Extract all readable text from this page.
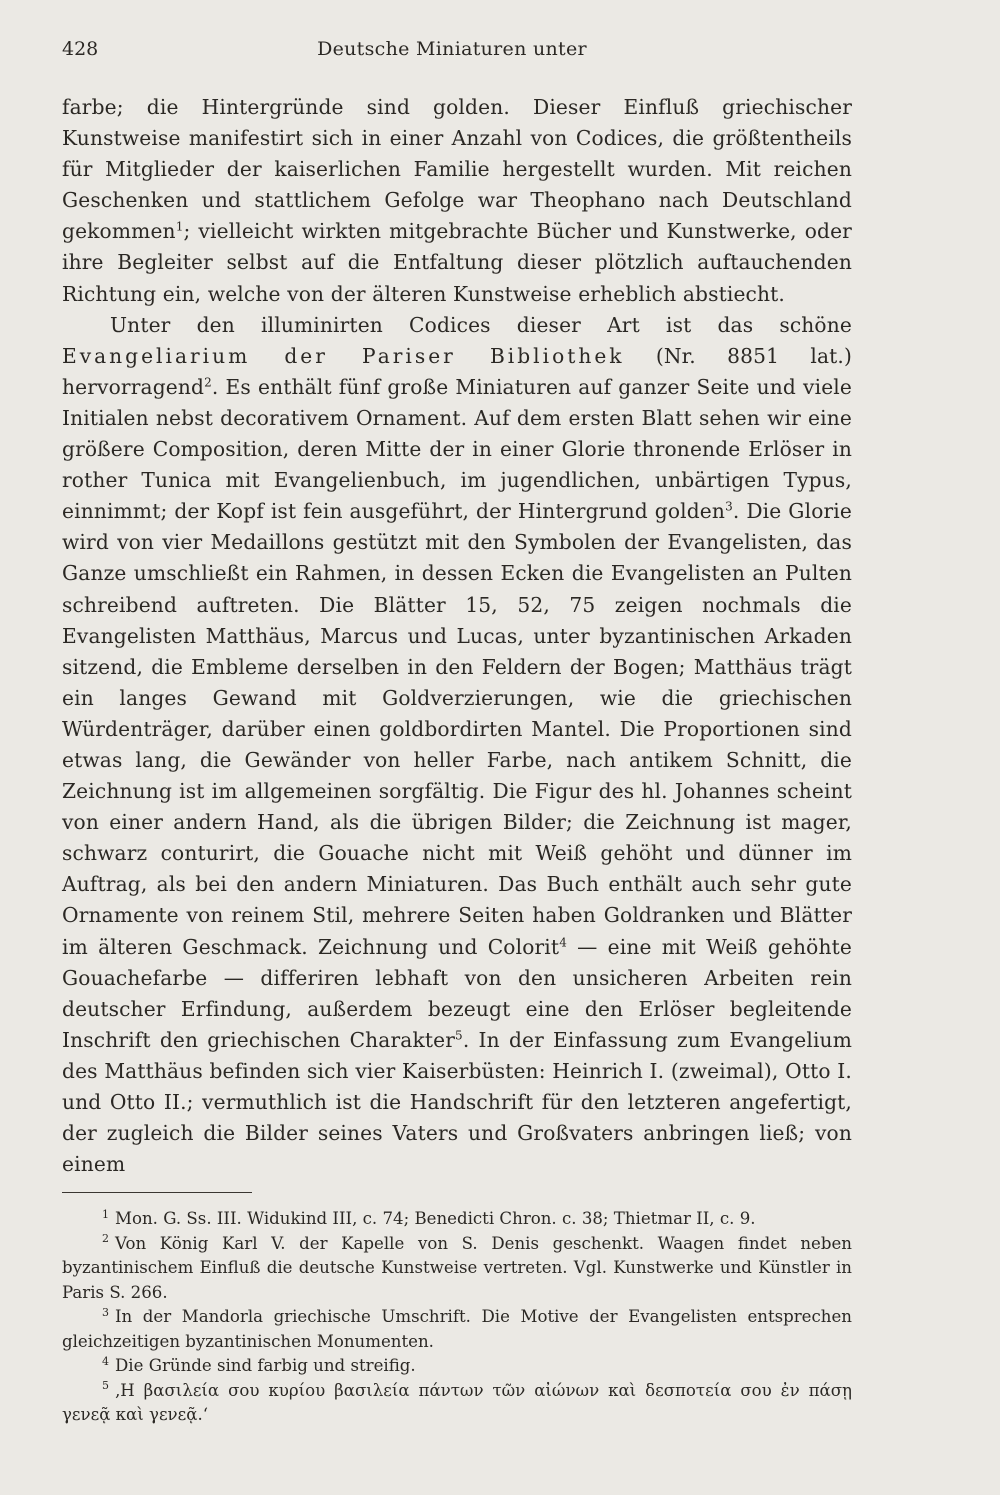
428	Deutsche Miniaturen unter

farbe; die Hintergründe sind golden. Dieser Einfluß griechischer Kunstweise manifestirt sich in einer Anzahl von Codices, die größtentheils für Mitglieder der kaiserlichen Familie hergestellt wurden. Mit reichen Geschenken und stattlichem Gefolge war Theophano nach Deutschland gekommen$^1$; vielleicht wirkten mitgebrachte Bücher und Kunstwerke, oder ihre Begleiter selbst auf die Entfaltung dieser plötzlich auftauchenden Richtung ein, welche von der älteren Kunstweise erheblich abstiecht.

Unter den illuminirten Codices dieser Art ist das schöne Evangeliarium der Pariser Bibliothek (Nr. 8851 lat.) hervorragend$^2$. Es enthält fünf große Miniaturen auf ganzer Seite und viele Initialen nebst decorativem Ornament. Auf dem ersten Blatt sehen wir eine größere Composition, deren Mitte der in einer Glorie thronende Erlöser in rother Tunica mit Evangelienbuch, im jugendlichen, unbärtigen Typus, einnimmt; der Kopf ist fein ausgeführt, der Hintergrund golden$^3$. Die Glorie wird von vier Medaillons gestützt mit den Symbolen der Evangelisten, das Ganze umschließt ein Rahmen, in dessen Ecken die Evangelisten an Pulten schreibend auftreten. Die Blätter 15, 52, 75 zeigen nochmals die Evangelisten Matthäus, Marcus und Lucas, unter byzantinischen Arkaden sitzend, die Embleme derselben in den Feldern der Bogen; Matthäus trägt ein langes Gewand mit Goldverzierungen, wie die griechischen Würdenträger, darüber einen goldbordirten Mantel. Die Proportionen sind etwas lang, die Gewänder von heller Farbe, nach antikem Schnitt, die Zeichnung ist im allgemeinen sorgfältig. Die Figur des hl. Johannes scheint von einer andern Hand, als die übrigen Bilder; die Zeichnung ist mager, schwarz conturirt, die Gouache nicht mit Weiß gehöht und dünner im Auftrag, als bei den andern Miniaturen. Das Buch enthält auch sehr gute Ornamente von reinem Stil, mehrere Seiten haben Goldranken und Blätter im älteren Geschmack. Zeichnung und Colorit$^4$ — eine mit Weiß gehöhte Gouachefarbe — differiren lebhaft von den unsicheren Arbeiten rein deutscher Erfindung, außerdem bezeugt eine den Erlöser begleitende Inschrift den griechischen Charakter$^5$. In der Einfassung zum Evangelium des Matthäus befinden sich vier Kaiserbüsten: Heinrich I. (zweimal), Otto I. und Otto II.; vermuthlich ist die Handschrift für den letzteren angefertigt, der zugleich die Bilder seines Vaters und Großvaters anbringen ließ; von einem

$^1$ Mon. G. Ss. III. Widukind III, c. 74; Benedicti Chron. c. 38; Thietmar II, c. 9.

$^2$ Von König Karl V. der Kapelle von S. Denis geschenkt. Waagen findet neben byzantinischem Einfluß die deutsche Kunstweise vertreten. Vgl. Kunstwerke und Künstler in Paris S. 266.

$^3$ In der Mandorla griechische Umschrift. Die Motive der Evangelisten entsprechen gleichzeitigen byzantinischen Monumenten.

$^4$ Die Gründe sind farbig und streifig.

$^5$ ‚Η βασιλεία σου κυρίου βασιλεία πάντων τῶν αἰώνων καὶ δεσποτεία σου ἐν πάσῃ γενεᾷ καὶ γενεᾷ.‘
